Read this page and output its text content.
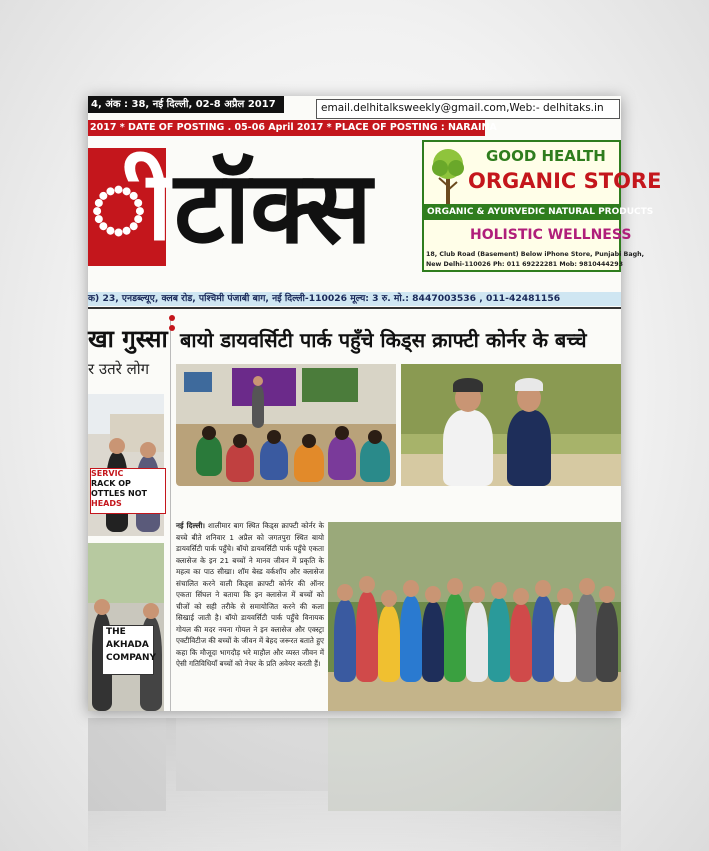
4, अंक : 38, नई दिल्ली, 02-8 अप्रैल 2017	email.delhitalksweekly@gmail.com,Web:- delhitaks.in
2017 * DATE OF POSTING . 05-06 April 2017 * PLACE OF POSTING : NARAINA
ी टॉक्स	GOOD HEALTH
ORGANIC STORE
ORGANIC & AYURVEDIC NATURAL PRODUCTS
HOLISTIC WELLNESS
18, Club Road (Basement) Below iPhone Store, Punjabi Bagh,
New Delhi-110026 Ph: 011 69222281 Mob: 9810444293
क) 23, एनडब्ल्यूए, क्लब रोड, पश्चिमी पंजाबी बाग, नई दिल्ली-110026 मूल्य: 3 रु. मो.: 8447003536 , 011-42481156
खा गुस्सा
र उतरे लोग
SERVIC
RACK OP
OTTLES NOT
HEADS
THE
AKHADA
COMPANY
बायो डायवर्सिटी पार्क पहुँचे किड्स क्राफ्टी कोर्नर के बच्चे
नई दिल्ली। शालीमार बाग स्थित किड्स क्राफ्टी कोर्नर के बच्चे बीते शनिवार 1 अप्रैल को जगतपुरा स्थित बायो डायवर्सिटी पार्क पहुँचे। बॉयो डायवर्सिटी पार्क पहुँचे एकता क्लासेज के इन 21 बच्चों ने मानव जीवन में प्रकृति के महत्व का पाठ सीखा। शॉम बेस्ड वर्कशॉप और क्लासेज संचालित करने वाली किड्स क्राफ्टी कोर्नर की ऑनर एकता सिंघल ने बताया कि इन क्लासेज में बच्चों को चीजों को सही तरीके से समायोजित करने की कला सिखाई जाती है। बॉयो डायवर्सिटी पार्क पहुँचे विनायक गोयल की मदर नयना गोयल ने इन क्लासेज और एक्स्ट्रा एक्टीविटीज की बच्चों के जीवन में बेहद जरूरत बताते हुए कहा कि मौजूदा भागदौड़ भरे माहौल और व्यस्त जीवन में ऐसी गतिविधियाँ बच्चों को नेचर के प्रति अवेयर करती हैं।
